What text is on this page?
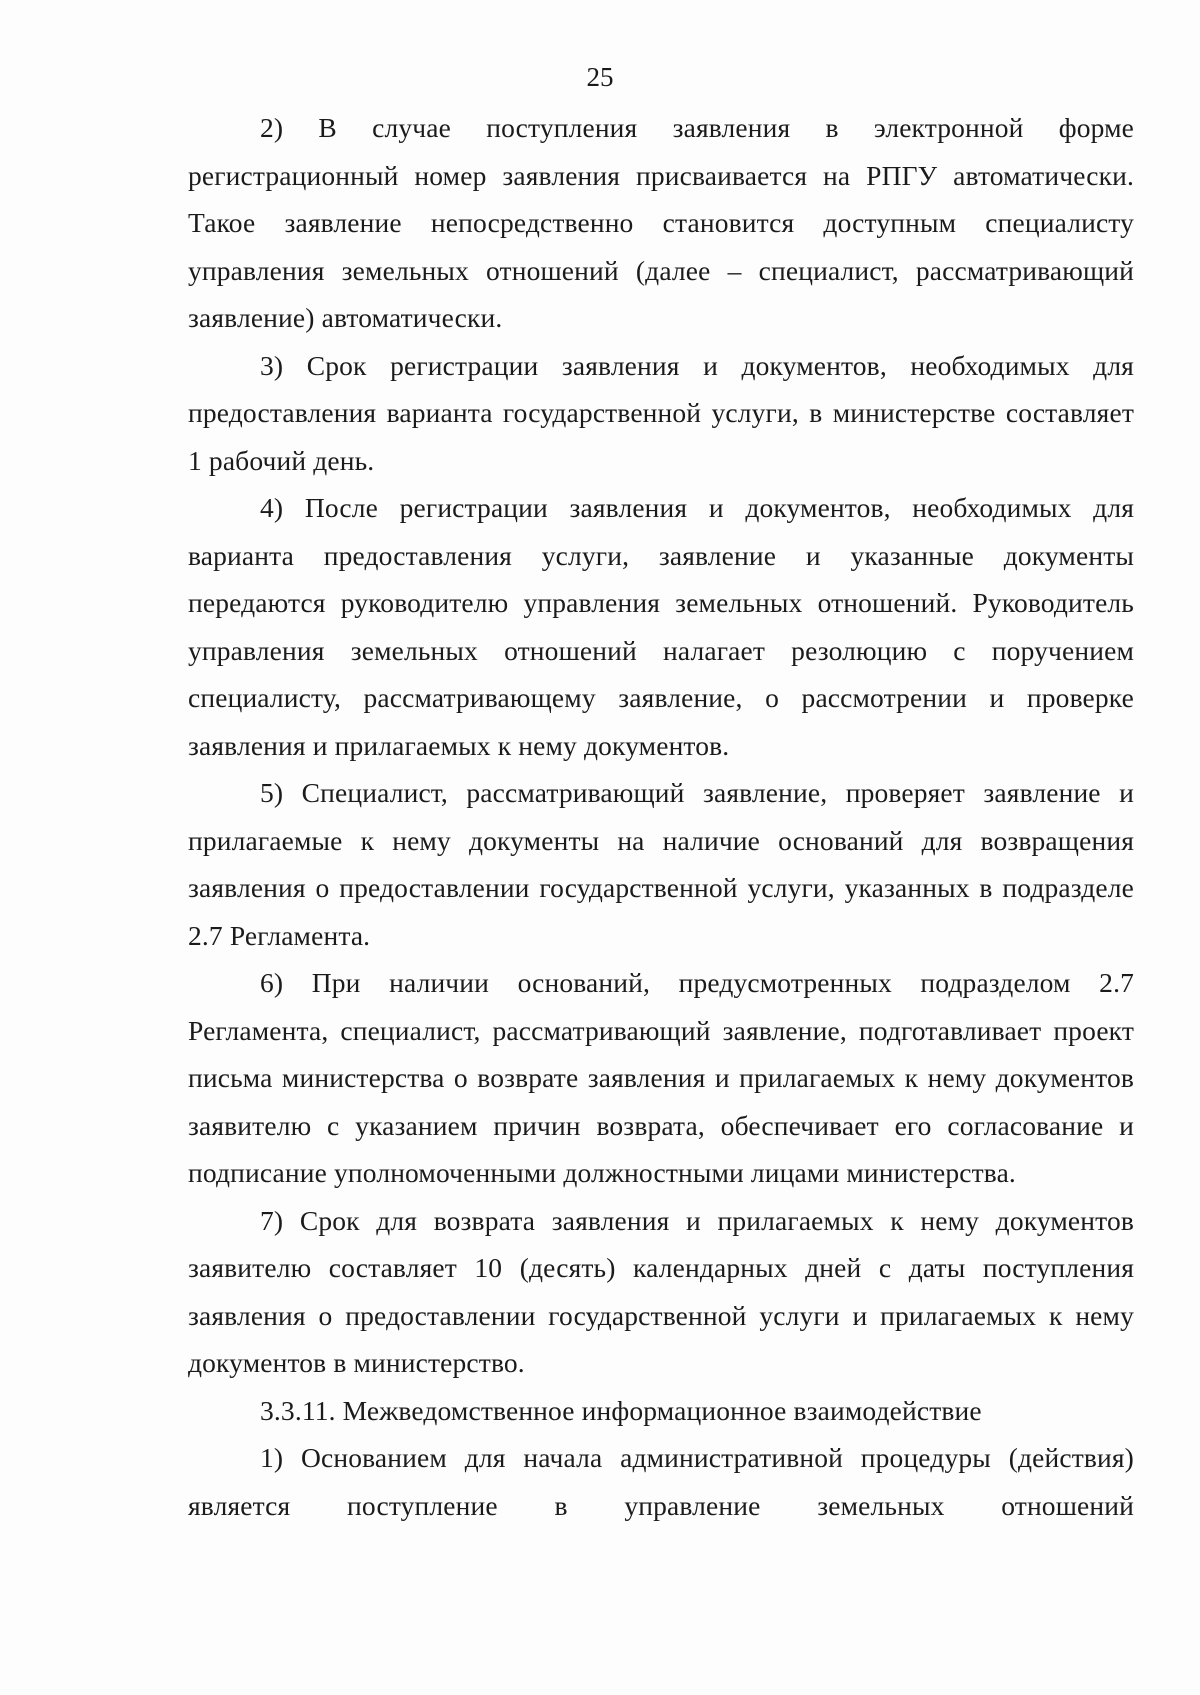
25

2) В случае поступления заявления в электронной форме регистрационный номер заявления присваивается на РПГУ автоматически. Такое заявление непосредственно становится доступным специалисту управления земельных отношений (далее – специалист, рассматривающий заявление) автоматически.

3) Срок регистрации заявления и документов, необходимых для предоставления варианта государственной услуги, в министерстве составляет 1 рабочий день.

4) После регистрации заявления и документов, необходимых для варианта предоставления услуги, заявление и указанные документы передаются руководителю управления земельных отношений. Руководитель управления земельных отношений налагает резолюцию с поручением специалисту, рассматривающему заявление, о рассмотрении и проверке заявления и прилагаемых к нему документов.

5) Специалист, рассматривающий заявление, проверяет заявление и прилагаемые к нему документы на наличие оснований для возвращения заявления о предоставлении государственной услуги, указанных в подразделе 2.7 Регламента.

6) При наличии оснований, предусмотренных подразделом 2.7 Регламента, специалист, рассматривающий заявление, подготавливает проект письма министерства о возврате заявления и прилагаемых к нему документов заявителю с указанием причин возврата, обеспечивает его согласование и подписание уполномоченными должностными лицами министерства.

7) Срок для возврата заявления и прилагаемых к нему документов заявителю составляет 10 (десять) календарных дней с даты поступления заявления о предоставлении государственной услуги и прилагаемых к нему документов в министерство.

3.3.11. Межведомственное информационное взаимодействие

1) Основанием для начала административной процедуры (действия) является поступление в управление земельных отношений
